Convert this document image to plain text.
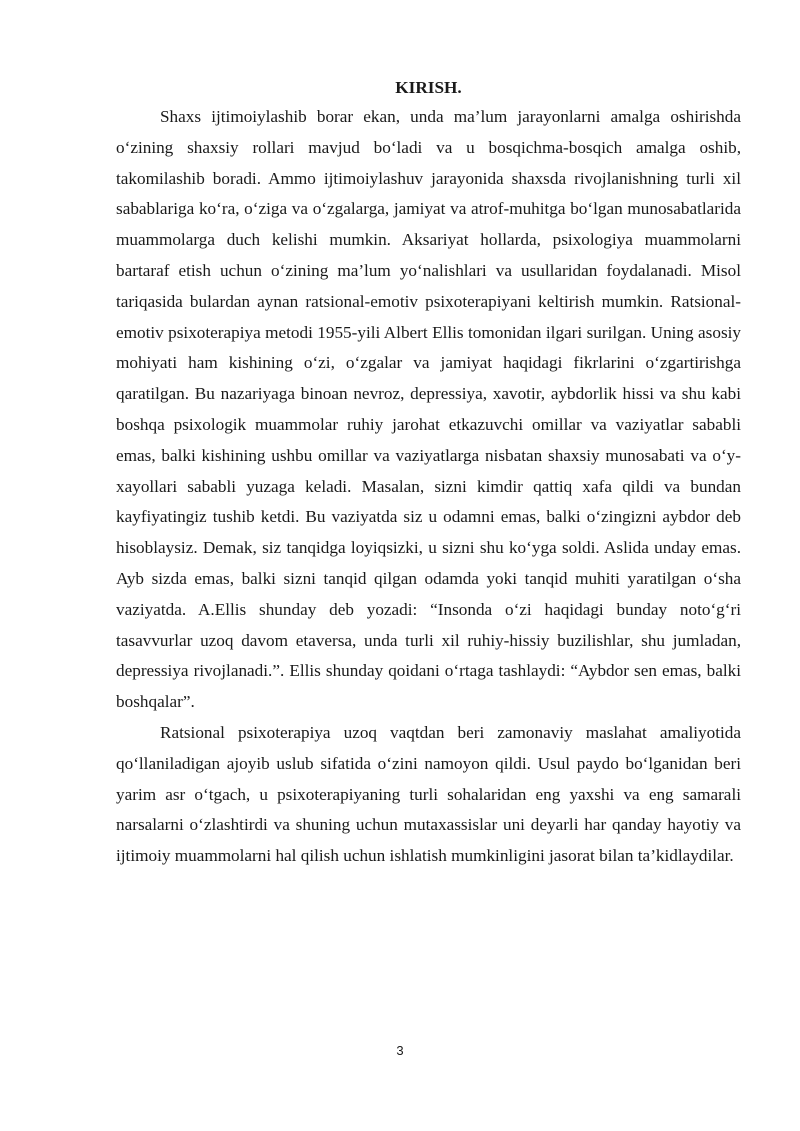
KIRISH.

Shaxs ijtimoiylashib borar ekan, unda ma’lum jarayonlarni amalga oshirishda o‘zining shaxsiy rollari mavjud bo‘ladi va u bosqichma-bosqich amalga oshib, takomilashib boradi. Ammo ijtimoiylashuv jarayonida shaxsda rivojlanishning turli xil sabablariga ko‘ra, o‘ziga va o‘zgalarga, jamiyat va atrof-muhitga bo‘lgan munosabatlarida muammolarga duch kelishi mumkin. Aksariyat hollarda, psixologiya muammolarni bartaraf etish uchun o‘zining ma’lum yo‘nalishlari va usullaridan foydalanadi. Misol tariqasida bulardan aynan ratsional-emotiv psixoterapiyani keltirish mumkin. Ratsional-emotiv psixoterapiya metodi 1955-yili Albert Ellis tomonidan ilgari surilgan. Uning asosiy mohiyati ham kishining o‘zi, o‘zgalar va jamiyat haqidagi fikrlarini o‘zgartirishga qaratilgan. Bu nazariyaga binoan nevroz, depressiya, xavotir, aybdorlik hissi va shu kabi boshqa psixologik muammolar ruhiy jarohat etkazuvchi omillar va vaziyatlar sababli emas, balki kishining ushbu omillar va vaziyatlarga nisbatan shaxsiy munosabati va o‘y-xayollari sababli yuzaga keladi. Masalan, sizni kimdir qattiq xafa qildi va bundan kayfiyatingiz tushib ketdi. Bu vaziyatda siz u odamni emas, balki o‘zingizni aybdor deb hisoblaysiz. Demak, siz tanqidga loyiqsizki, u sizni shu ko‘yga soldi. Aslida unday emas. Ayb sizda emas, balki sizni tanqid qilgan odamda yoki tanqid muhiti yaratilgan o‘sha vaziyatda. A.Ellis shunday deb yozadi: “Insonda o‘zi haqidagi bunday noto‘g‘ri tasavvurlar uzoq davom etaversa, unda turli xil ruhiy-hissiy buzilishlar, shu jumladan, depressiya rivojlanadi.”. Ellis shunday qoidani o‘rtaga tashlaydi: “Aybdor sen emas, balki boshqalar”.

Ratsional psixoterapiya uzoq vaqtdan beri zamonaviy maslahat amaliyotida qo‘llaniladigan ajoyib uslub sifatida o‘zini namoyon qildi. Usul paydo bo‘lganidan beri yarim asr o‘tgach, u psixoterapiyaning turli sohalaridan eng yaxshi va eng samarali narsalarni o‘zlashtirdi va shuning uchun mutaxassislar uni deyarli har qanday hayotiy va ijtimoiy muammolarni hal qilish uchun ishlatish mumkinligini jasorat bilan ta’kidlaydilar.

3
